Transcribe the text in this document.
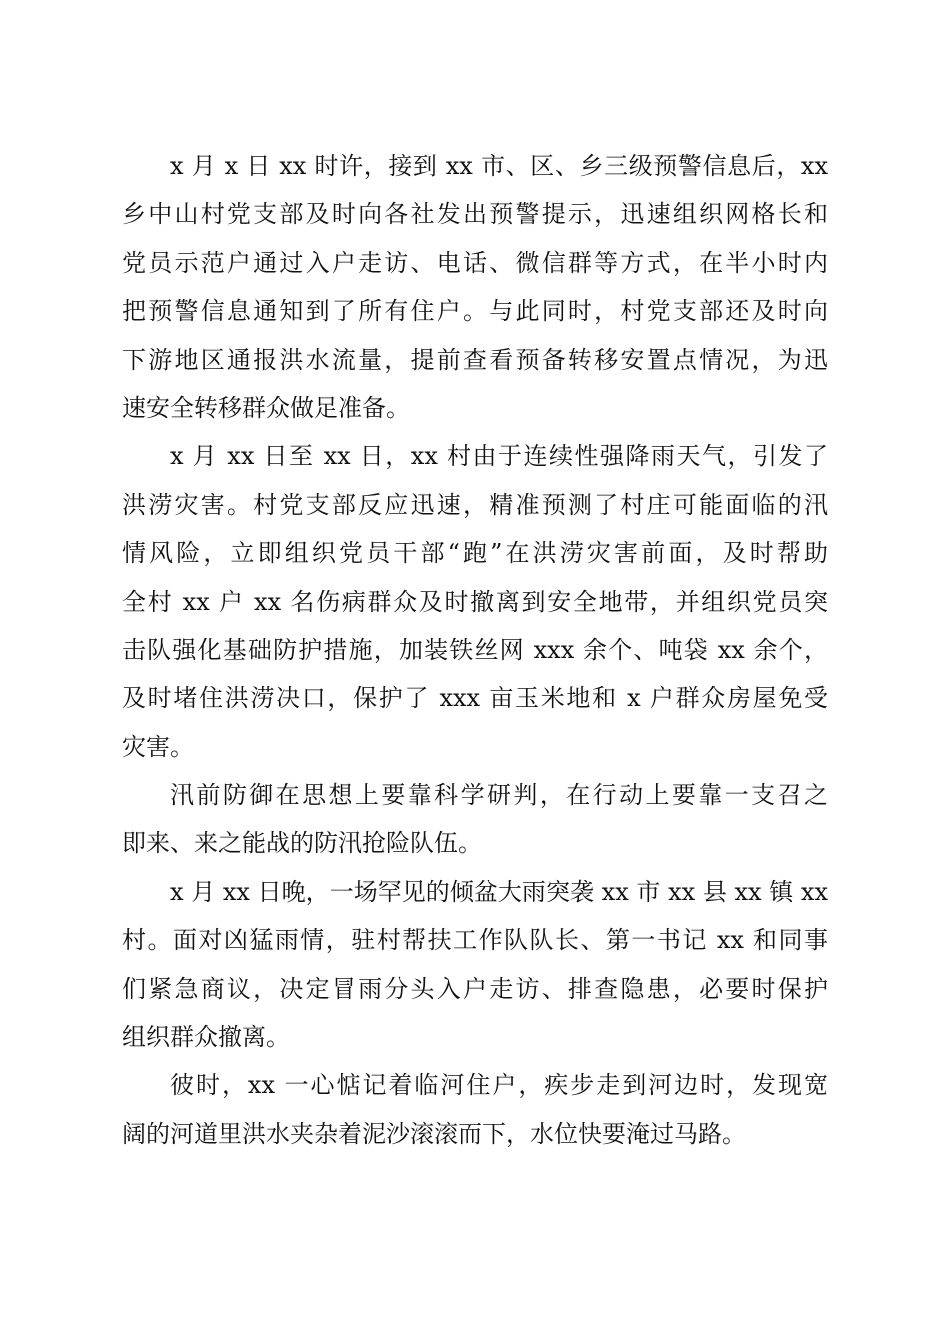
x 月 x 日 xx 时许，接到 xx 市、区、乡三级预警信息后，xx
乡中山村党支部及时向各社发出预警提示，迅速组织网格长和
党员示范户通过入户走访、电话、微信群等方式，在半小时内
把预警信息通知到了所有住户。与此同时，村党支部还及时向
下游地区通报洪水流量，提前查看预备转移安置点情况，为迅
速安全转移群众做足准备。
x 月 xx 日至 xx 日，xx 村由于连续性强降雨天气，引发了
洪涝灾害。村党支部反应迅速，精准预测了村庄可能面临的汛
情风险，立即组织党员干部“跑”在洪涝灾害前面，及时帮助
全村 xx 户 xx 名伤病群众及时撤离到安全地带，并组织党员突
击队强化基础防护措施，加装铁丝网 xxx 余个、吨袋 xx 余个，
及时堵住洪涝决口，保护了 xxx 亩玉米地和 x 户群众房屋免受
灾害。
汛前防御在思想上要靠科学研判，在行动上要靠一支召之
即来、来之能战的防汛抢险队伍。
x 月 xx 日晚，一场罕见的倾盆大雨突袭 xx 市 xx 县 xx 镇 xx
村。面对凶猛雨情，驻村帮扶工作队队长、第一书记 xx 和同事
们紧急商议，决定冒雨分头入户走访、排查隐患，必要时保护
组织群众撤离。
彼时，xx 一心惦记着临河住户，疾步走到河边时，发现宽
阔的河道里洪水夹杂着泥沙滚滚而下，水位快要淹过马路。
